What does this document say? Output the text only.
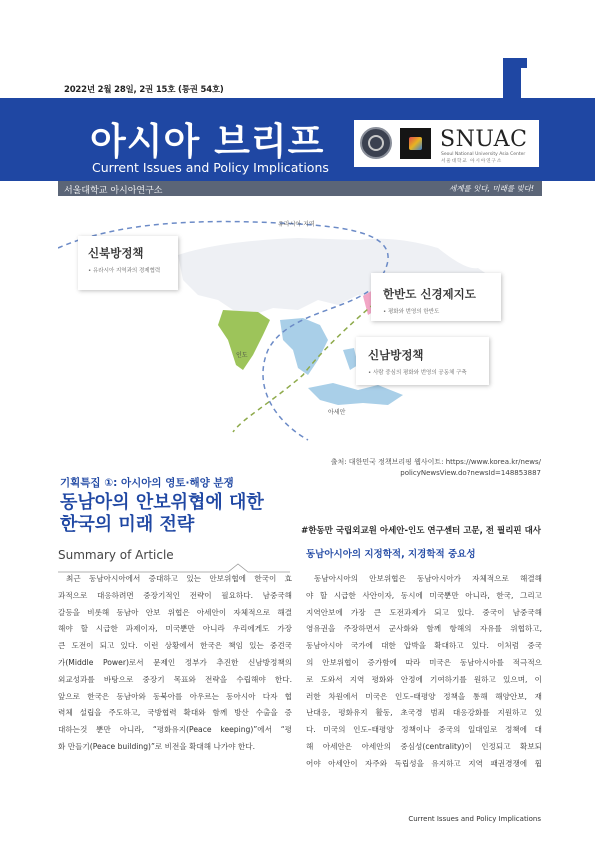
2022년 2월 28일, 2권 15호 (통권 54호)
아시아 브리프
Current Issues and Policy Implications
SNUAC
Seoul National University Asia Center
서울대학교 아시아연구소
서울대학교 아시아연구소	세계를 잇다, 미래를 빚다!
유라시아 지역
인도
아세안
신북방정책
• 유라시아 지역과의 경제협력
한반도 신경제지도
• 평화와 번영의 한반도
신남방정책
• 사람 중심의 평화와 번영의 공동체 구축
출처: 대한민국 정책브리핑 웹사이트: https://www.korea.kr/news/
policyNewsView.do?newsId=148853887
기획특집 ①: 아시아의 영토·해양 분쟁
동남아의 안보위협에 대한
한국의 미래 전략	#한동만 국립외교원 아세안-인도 연구센터 고문, 전 필리핀 대사
Summary of Article
최근 동남아시아에서 증대하고 있는 안보위협에 한국이 효
과적으로 대응하려면 중장기적인 전략이 필요하다. 남중국해
갈등을 비롯해 동남아 안보 위협은 아세안이 자체적으로 해결
해야 할 시급한 과제이자, 미국뿐만 아니라 우리에게도 가장
큰 도전이 되고 있다. 이런 상황에서 한국은 책임 있는 중견국
가(Middle Power)로서 문제인 정부가 추진한 신남방정책의
외교성과를 바탕으로 중장기 목표와 전략을 수립해야 한다.
앞으로 한국은 동남아와 동북아를 아우르는 동아시아 다자 협
력체 설립을 주도하고, 국방협력 확대와 함께 방산 수출을 증
대하는것 뿐만 아니라, “평화유지(Peace keeping)”에서 “평
화 만들기(Peace building)”로 비전을 확대해 나가야 한다.
동남아시아의 지정학적, 지경학적 중요성
동남아시아의 안보위협은 동남아시아가 자체적으로 해결해
야 할 시급한 사안이자, 동시에 미국뿐만 아니라, 한국, 그리고
지역안보에 가장 큰 도전과제가 되고 있다. 중국이 남중국해
영유권을 주장하면서 군사화와 함께 항해의 자유를 위협하고,
동남아시아 국가에 대한 압박을 확대하고 있다. 이처럼 중국
의 안보위협이 증가함에 따라 미국은 동남아시아를 적극적으
로 도와서 지역 평화와 안정에 기여하기를 원하고 있으며, 이
러한 차원에서 미국은 인도–태평양 정책을 통해 해양안보, 재
난대응, 평화유지 활동, 초국경 범죄 대응강화를 지원하고 있
다. 미국의 인도–태평양 정책이나 중국의 일대일로 정책에 대
해 아세안은 아세안의 중심성(centrality)이 인정되고 확보되
어야 아세안이 자주와 독립성을 유지하고 지역 패권경쟁에 휩
Current Issues and Policy Implications
